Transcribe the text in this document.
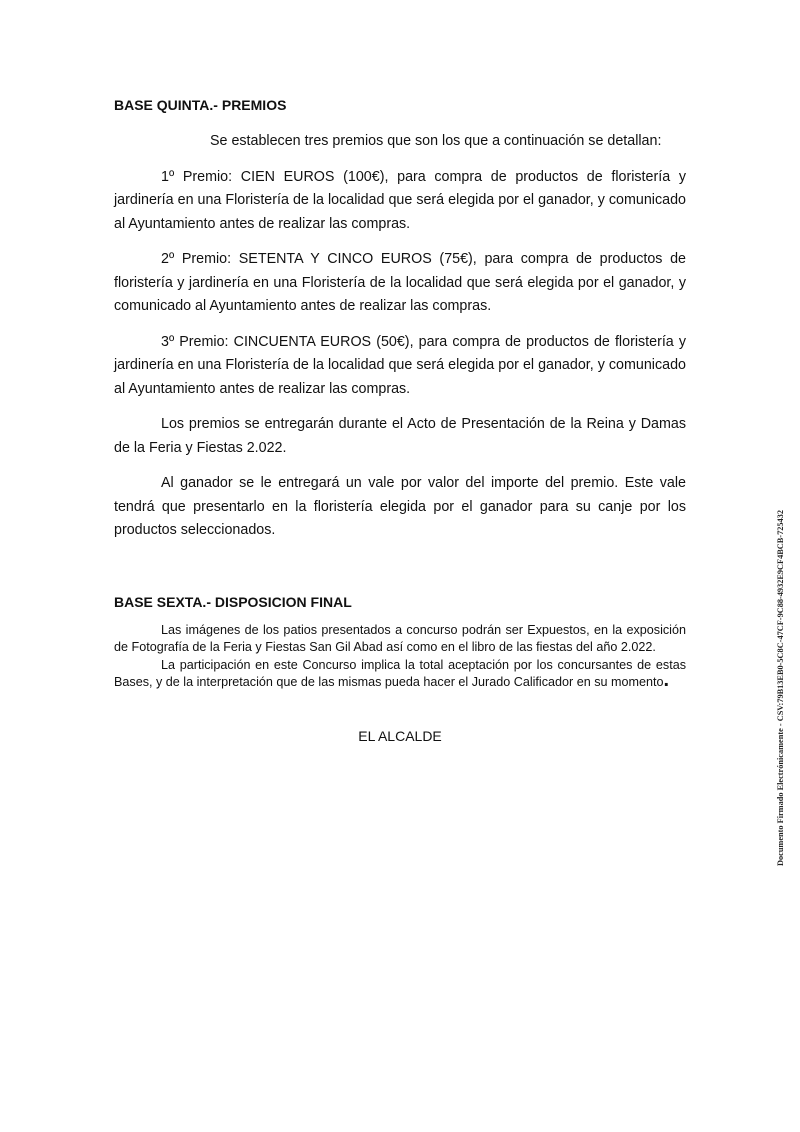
BASE QUINTA.- PREMIOS

Se establecen tres premios que son los que a continuación se detallan:

1º Premio: CIEN EUROS (100€), para compra de productos de floristería y jardinería en una Floristería de la localidad que será elegida por el ganador, y comunicado al Ayuntamiento antes de realizar las compras.

2º Premio: SETENTA Y CINCO EUROS (75€), para compra de productos de floristería y jardinería en una Floristería de la localidad que será elegida por el ganador, y comunicado al Ayuntamiento antes de realizar las compras.

3º Premio: CINCUENTA EUROS (50€), para compra de productos de floristería y jardinería en una Floristería de la localidad que será elegida por el ganador, y comunicado al Ayuntamiento antes de realizar las compras.

Los premios se entregarán durante el Acto de Presentación de la Reina y Damas de la Feria y Fiestas 2.022.

Al ganador se le entregará un vale por valor del importe del premio. Este vale tendrá que presentarlo en la floristería elegida por el ganador para su canje por los productos seleccionados.

BASE SEXTA.- DISPOSICION FINAL

Las imágenes de los patios presentados a concurso podrán ser Expuestos, en la exposición de Fotografía de la Feria y Fiestas San Gil Abad así como en el libro de las fiestas del año 2.022.

La participación en este Concurso implica la total aceptación por los concursantes de estas Bases, y de la interpretación que de las mismas pueda hacer el Jurado Calificador en su momento.

EL ALCALDE	Documento Firmado Electrónicamente - CSV:79B13EB0-5C8C-47CF-9C88-4932E9CF4BCB-725432
